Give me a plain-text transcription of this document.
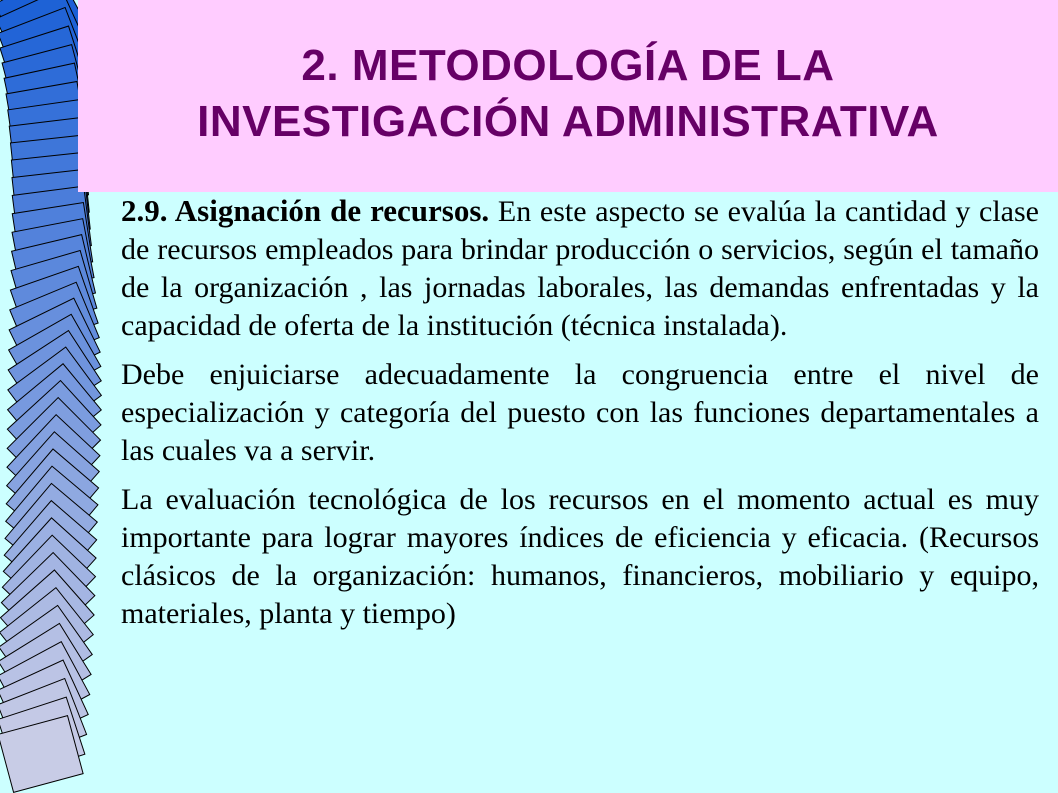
2. METODOLOGÍA DE LA
INVESTIGACIÓN ADMINISTRATIVA

2.9. Asignación de recursos. En este aspecto se evalúa la cantidad y clase de recursos empleados para brindar producción o servicios, según el tamaño de la organización , las jornadas laborales, las demandas enfrentadas y la capacidad de oferta de la institución (técnica instalada).

Debe enjuiciarse adecuadamente la congruencia entre el nivel de especialización y categoría del puesto con las funciones departamentales a las cuales va a servir.

La evaluación tecnológica de los recursos en el momento actual es muy importante para lograr mayores índices de eficiencia y eficacia. (Recursos clásicos de la organización: humanos, financieros, mobiliario y equipo, materiales, planta y tiempo)
